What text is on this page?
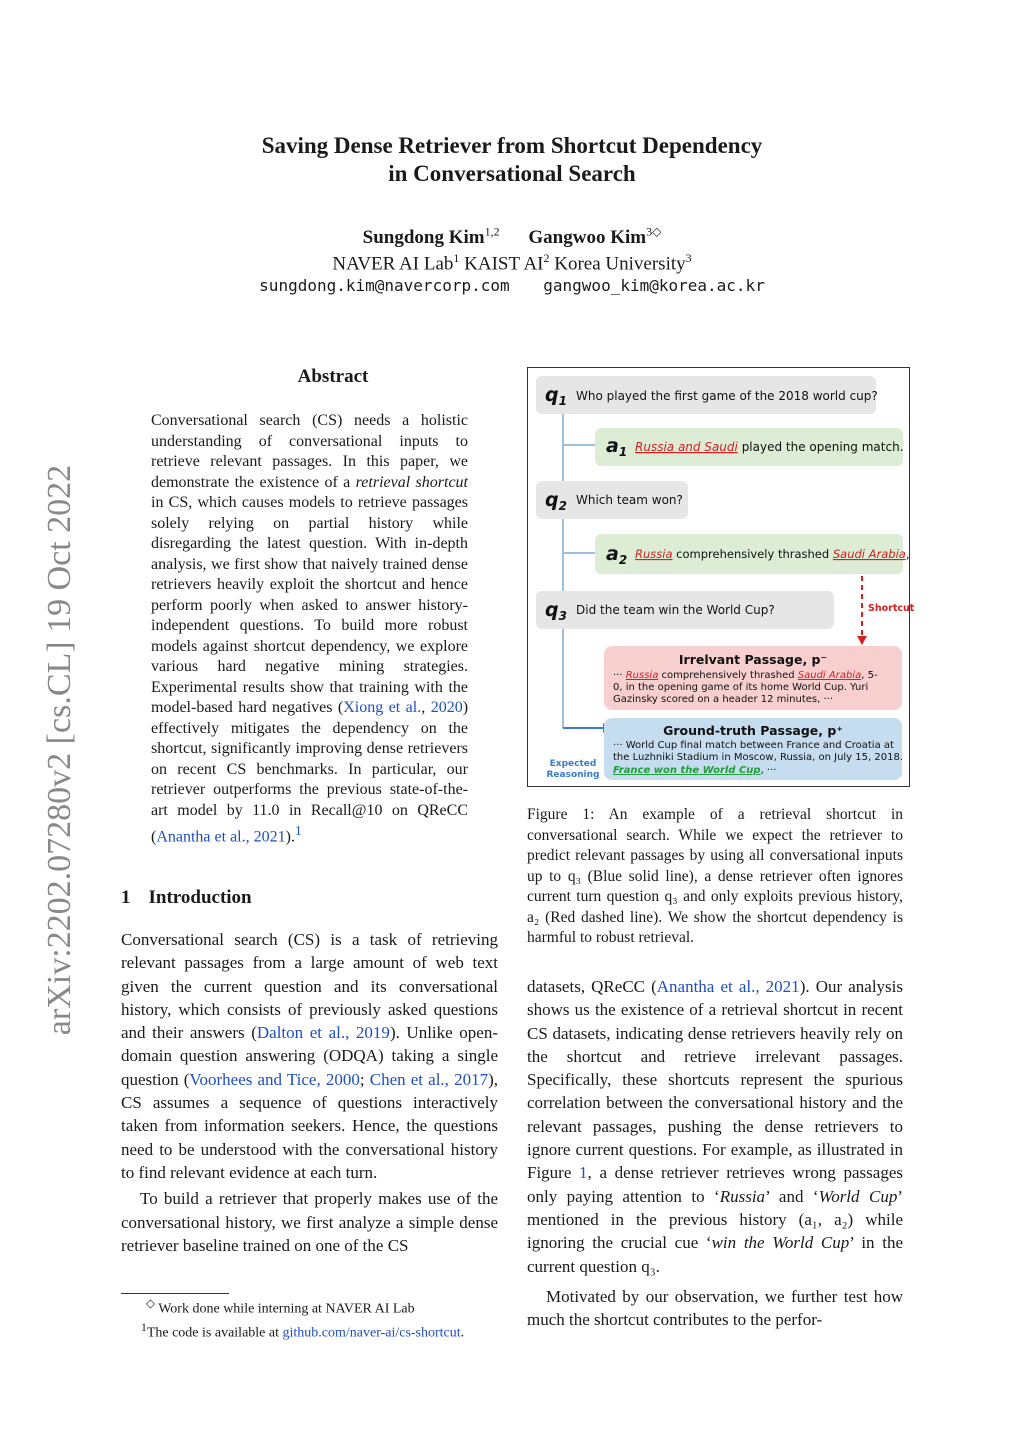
Saving Dense Retriever from Shortcut Dependency
in Conversational Search
Sungdong Kim$^{1,2}$ Gangwoo Kim$^{3◇}$
NAVER AI Lab$^1$ KAIST $AI^2$ Korea University$^3$
sungdong.kim@navercorp.com gangwoo_kim@korea.ac.kr
arXiv:2202.07280v2 [cs.CL] 19 Oct 2022
Abstract
Conversational search (CS) needs a holistic understanding of conversational inputs to retrieve relevant passages. In this paper, we demonstrate the existence of a retrieval shortcut in CS, which causes models to retrieve passages solely relying on partial history while disregarding the latest question. With in-depth analysis, we first show that naively trained dense retrievers heavily exploit the shortcut and hence perform poorly when asked to answer history-independent questions. To build more robust models against shortcut dependency, we explore various hard negative mining strategies. Experimental results show that training with the model-based hard negatives (Xiong et al., 2020) effectively mitigates the dependency on the shortcut, significantly improving dense retrievers on recent CS benchmarks. In particular, our retriever outperforms the previous state-of-the-art model by 11.0 in Recall@10 on QReCC (Anantha et al., 2021).$^1$
1 Introduction

Conversational search (CS) is a task of retrieving relevant passages from a large amount of web text given the current question and its conversational history, which consists of previously asked questions and their answers (Dalton et al., 2019). Unlike open-domain question answering (ODQA) taking a single question (Voorhees and Tice, 2000; Chen et al., 2017), CS assumes a sequence of questions interactively taken from information seekers. Hence, the questions need to be understood with the conversational history to find relevant evidence at each turn.

To build a retriever that properly makes use of the conversational history, we first analyze a simple dense retriever baseline trained on one of the CS

◇ Work done while interning at NAVER AI Lab
$^1$The code is available at github.com/naver-ai/cs-shortcut.
$q_1$ Who played the first game of the 2018 world cup?
$a_1$ Russia and Saudi played the opening match.
$q_2$ Which team won?
$a_2$ Russia comprehensively thrashed Saudi Arabia,
$q_3$ Did the team win the World Cup?	Shortcut
Irrelvant Passage, p⁻
··· Russia comprehensively thrashed Saudi Arabia, 5-
0, in the opening game of its home World Cup. Yuri
Gazinsky scored on a header 12 minutes, ···
Ground-truth Passage, p⁺
··· World Cup final match between France and Croatia at
the Luzhniki Stadium in Moscow, Russia, on July 15, 2018.
France won the World Cup, ···
Expected
Reasoning
Figure 1: An example of a retrieval shortcut in conversational search. While we expect the retriever to predict relevant passages by using all conversational inputs up to q₃ (Blue solid line), a dense retriever often ignores current turn question q₃ and only exploits previous history, a₂ (Red dashed line). We show the shortcut dependency is harmful to robust retrieval.

datasets, QReCC (Anantha et al., 2021). Our analysis shows us the existence of a retrieval shortcut in recent CS datasets, indicating dense retrievers heavily rely on the shortcut and retrieve irrelevant passages. Specifically, these shortcuts represent the spurious correlation between the conversational history and the relevant passages, pushing the dense retrievers to ignore current questions. For example, as illustrated in Figure 1, a dense retriever retrieves wrong passages only paying attention to ‘Russia’ and ‘World Cup’ mentioned in the previous history (a₁, a₂) while ignoring the crucial cue ‘win the World Cup’ in the current question q₃.

Motivated by our observation, we further test how much the shortcut contributes to the perfor-
